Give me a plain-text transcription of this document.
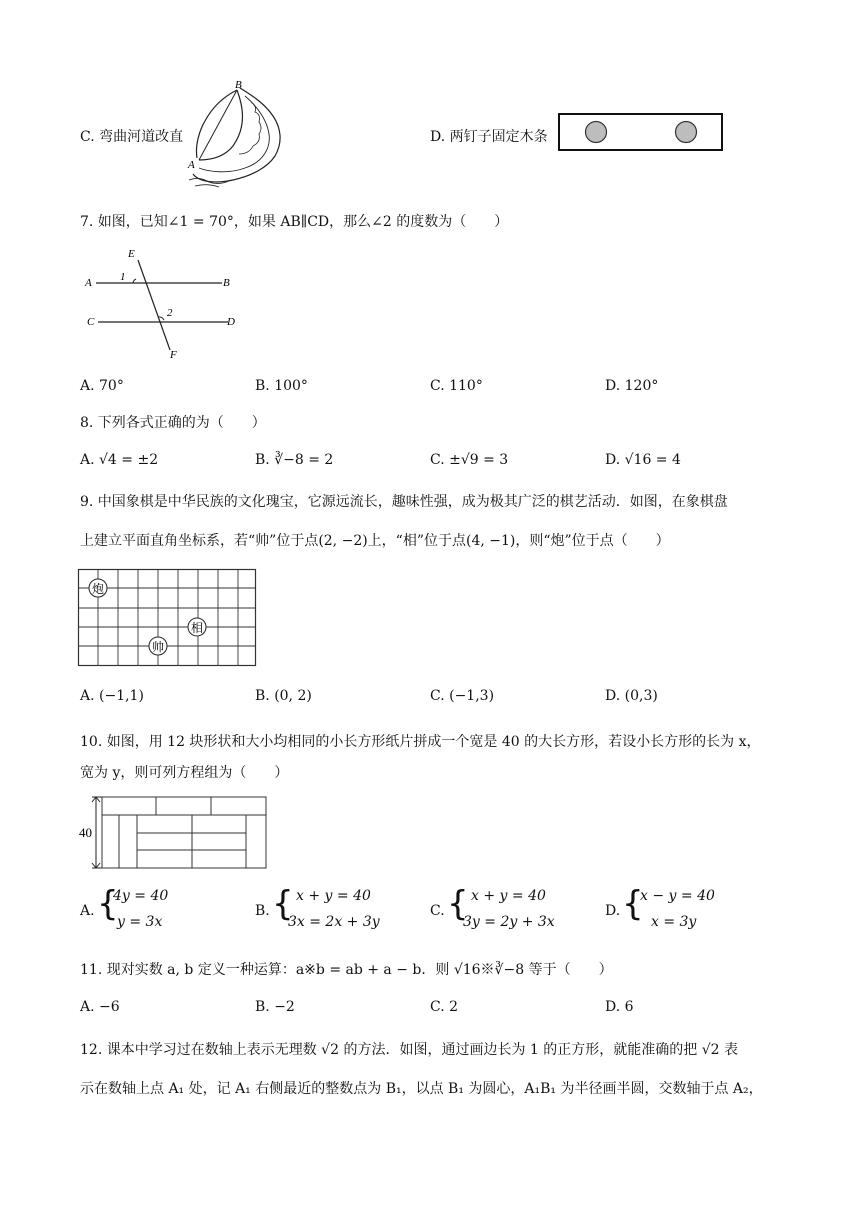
C. 弯曲河道改直
B
A
D. 两钉子固定木条
7. 如图，已知∠1 = 70°，如果 AB∥CD，那么∠2 的度数为（　　）
E
A	B
C	D
F
1
2
A. 70°	B. 100°	C. 110°	D. 120°
8. 下列各式正确的为（　　）
A. √4 = ±2	B. ∛−8 = 2	C. ±√9 = 3	D. √16 = 4
9. 中国象棋是中华民族的文化瑰宝，它源远流长，趣味性强，成为极其广泛的棋艺活动．如图，在象棋盘
上建立平面直角坐标系，若“帅”位于点(2, −2)上，“相”位于点(4, −1)，则“炮”位于点（　　）
炮
相
帅
A. (−1,1)	B. (0, 2)	C. (−1,3)	D. (0,3)
10. 如图，用 12 块形状和大小均相同的小长方形纸片拼成一个宽是 40 的大长方形，若设小长方形的长为 x，
宽为 y，则可列方程组为（　　）
40
A. {
4y = 40
y = 3x
B. { x + y = 40
3x = 2x + 3y
C. { x + y = 40
3y = 2y + 3x
D. {
x − y = 40
x = 3y
11. 现对实数 a, b 定义一种运算：a※b = ab + a − b．则 √16※∛−8 等于（　　）
A. −6	B. −2	C. 2	D. 6
12. 课本中学习过在数轴上表示无理数 √2 的方法．如图，通过画边长为 1 的正方形，就能准确的把 √2 表
示在数轴上点 A₁ 处，记 A₁ 右侧最近的整数点为 B₁，以点 B₁ 为圆心，A₁B₁ 为半径画半圆，交数轴于点 A₂，
